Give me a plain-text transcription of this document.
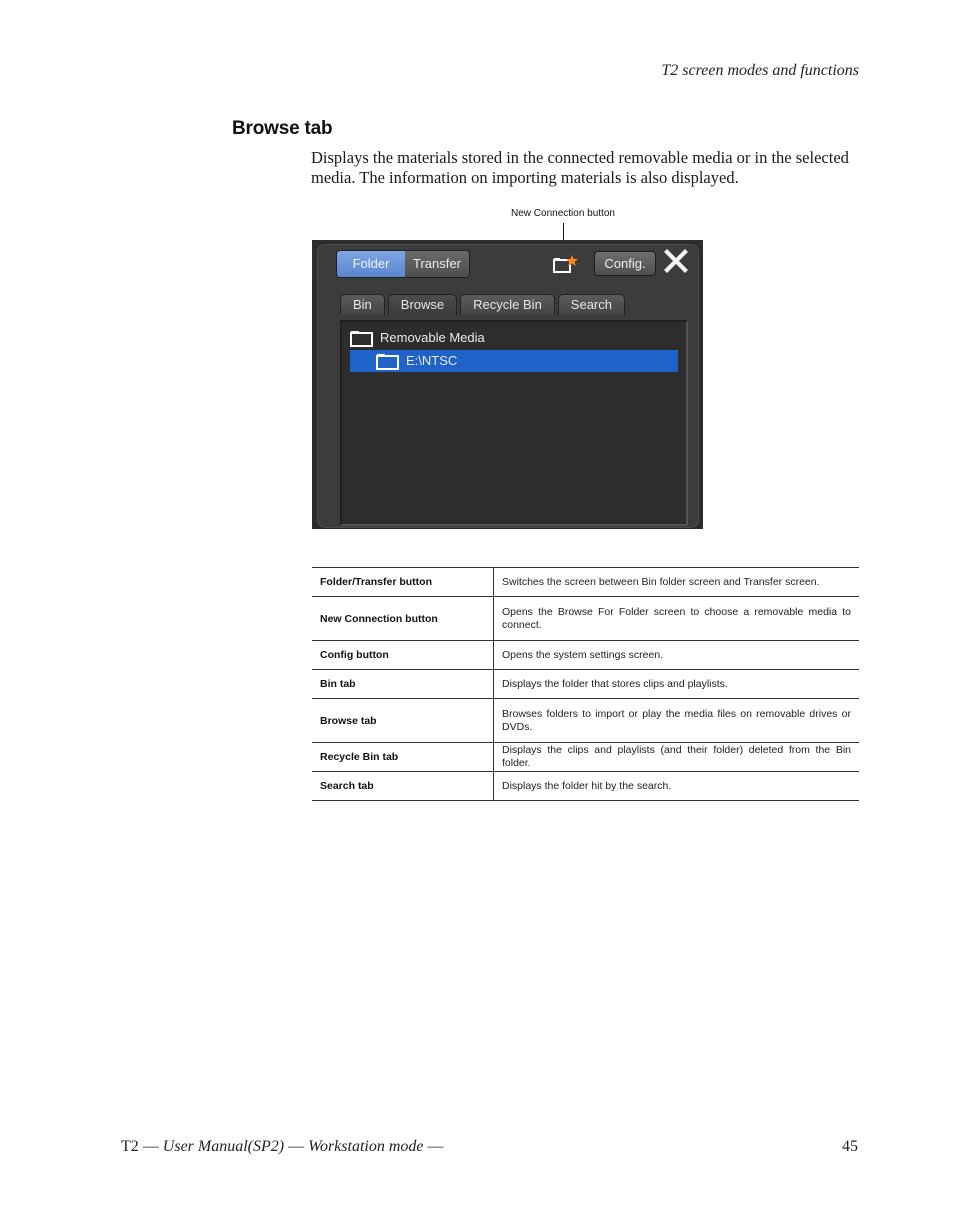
T2 screen modes and functions
Browse tab
Displays the materials stored in the connected removable media or in the selected media. The information on importing materials is also displayed.
New Connection button
Folder	Transfer	Config.
Bin	Browse	Recycle Bin	Search
Removable Media
E:\NTSC
Folder/Transfer button	Switches the screen between Bin folder screen and Transfer screen.
New Connection button	Opens the Browse For Folder screen to choose a removable media to connect.
Config button	Opens the system settings screen.
Bin tab	Displays the folder that stores clips and playlists.
Browse tab	Browses folders to import or play the media files on removable drives or DVDs.
Recycle Bin tab	Displays the clips and playlists (and their folder) deleted from the Bin folder.
Search tab	Displays the folder hit by the search.
T2 — User Manual(SP2) — Workstation mode —	45
